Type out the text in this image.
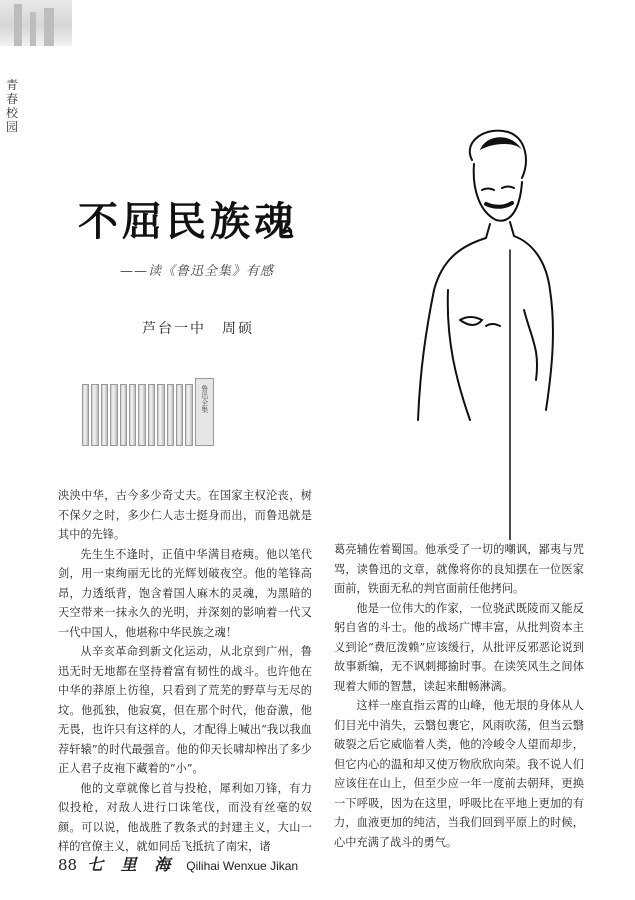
青春校园
不屈民族魂
——读《鲁迅全集》有感
芦台一中　周硕
鲁迅全集

泱泱中华，古今多少奇丈夫。在国家主权沦丧，树不保夕之时，多少仁人志士挺身而出，而鲁迅就是其中的先锋。

先生生不逢时，正值中华满目疮痍。他以笔代剑，用一束绚丽无比的光辉划破夜空。他的笔锋高昂，力透纸背，饱含着国人麻木的灵魂，为黑暗的天空带来一抹永久的光明，并深刻的影响着一代又一代中国人，他堪称中华民族之魂！

从辛亥革命到新文化运动，从北京到广州，鲁迅无时无地都在坚持着富有韧性的战斗。也许他在中华的莽原上彷徨，只看到了荒芜的野草与无尽的坟。他孤独，他寂寞，但在那个时代，他奋激，他无畏，也许只有这样的人，才配得上喊出“我以我血荐轩辕”的时代最强音。他的仰天长啸却榨出了多少正人君子皮袍下藏着的“小”。

他的文章就像匕首与投枪，犀利如刀锋，有力似投枪，对敌人进行口诛笔伐，而没有丝毫的奴颜。可以说，他战胜了教条式的封建主义，大山一样的官僚主义，就如同岳飞抵抗了南宋，诸

葛亮辅佐着蜀国。他承受了一切的嘲讽，鄙夷与咒骂，读鲁迅的文章，就像将你的良知摆在一位医家面前，铁面无私的判官面前任他拷问。

他是一位伟大的作家，一位骁武既陵而又能反躬自省的斗士。他的战场广博丰富，从批判资本主义到论“费厄泼赖”应该缓行，从批评反邪恶论说到故事新编，无不讽刺揶揄时事。在读笑风生之间体现着大师的智慧，读起来酣畅淋漓。

这样一座直指云霄的山峰，他无垠的身体从人们目光中消失，云翳包裹它，风雨吹荡，但当云翳破裂之后它威临着人类，他的冷峻令人望而却步，但它内心的温和却又使万物欣欣向荣。我不说人们应该住在山上，但至少应一年一度前去朝拜，更换一下呼吸，因为在这里，呼吸比在平地上更加的有力，血液更加的纯洁，当我们回到平原上的时候，心中充满了战斗的勇气。

88 七 里 海 Qilihai Wenxue Jikan
